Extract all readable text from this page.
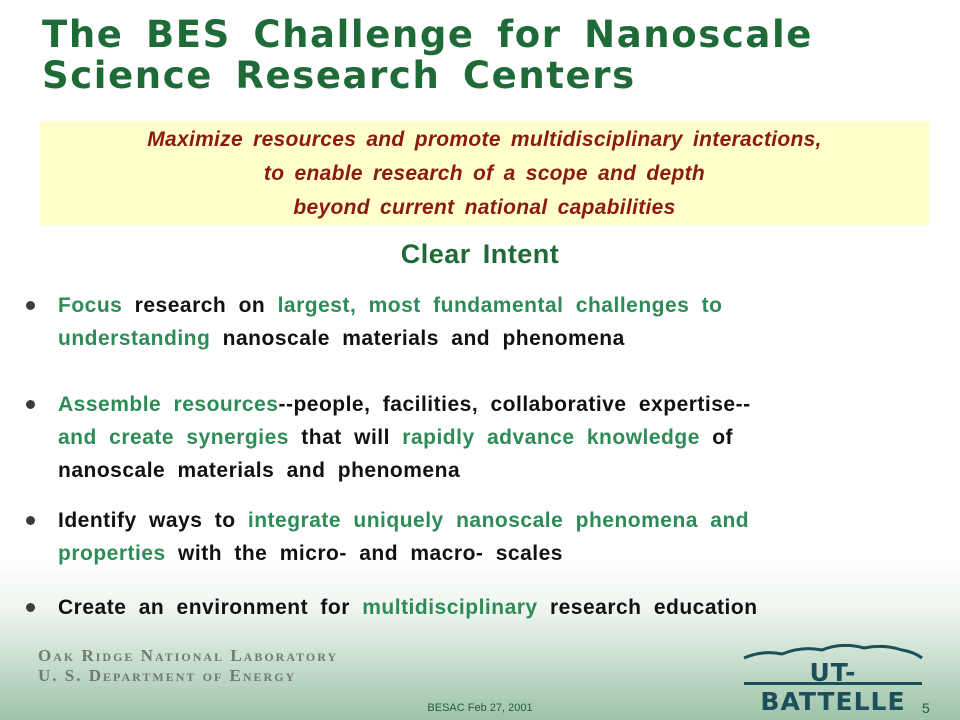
The BES Challenge for Nanoscale
Science Research Centers
Maximize resources and promote multidisciplinary interactions,
to enable research of a scope and depth
beyond current national capabilities
Clear Intent
Focus research on largest, most fundamental challenges to
understanding nanoscale materials and phenomena
Assemble resources--people, facilities, collaborative expertise--
and create synergies that will rapidly advance knowledge of
nanoscale materials and phenomena
Identify ways to integrate uniquely nanoscale phenomena and
properties with the micro- and macro- scales
Create an environment for multidisciplinary research education
Oak Ridge National Laboratory
U. S. Department of Energy	UT-BATTELLE
BESAC Feb 27, 2001	5
